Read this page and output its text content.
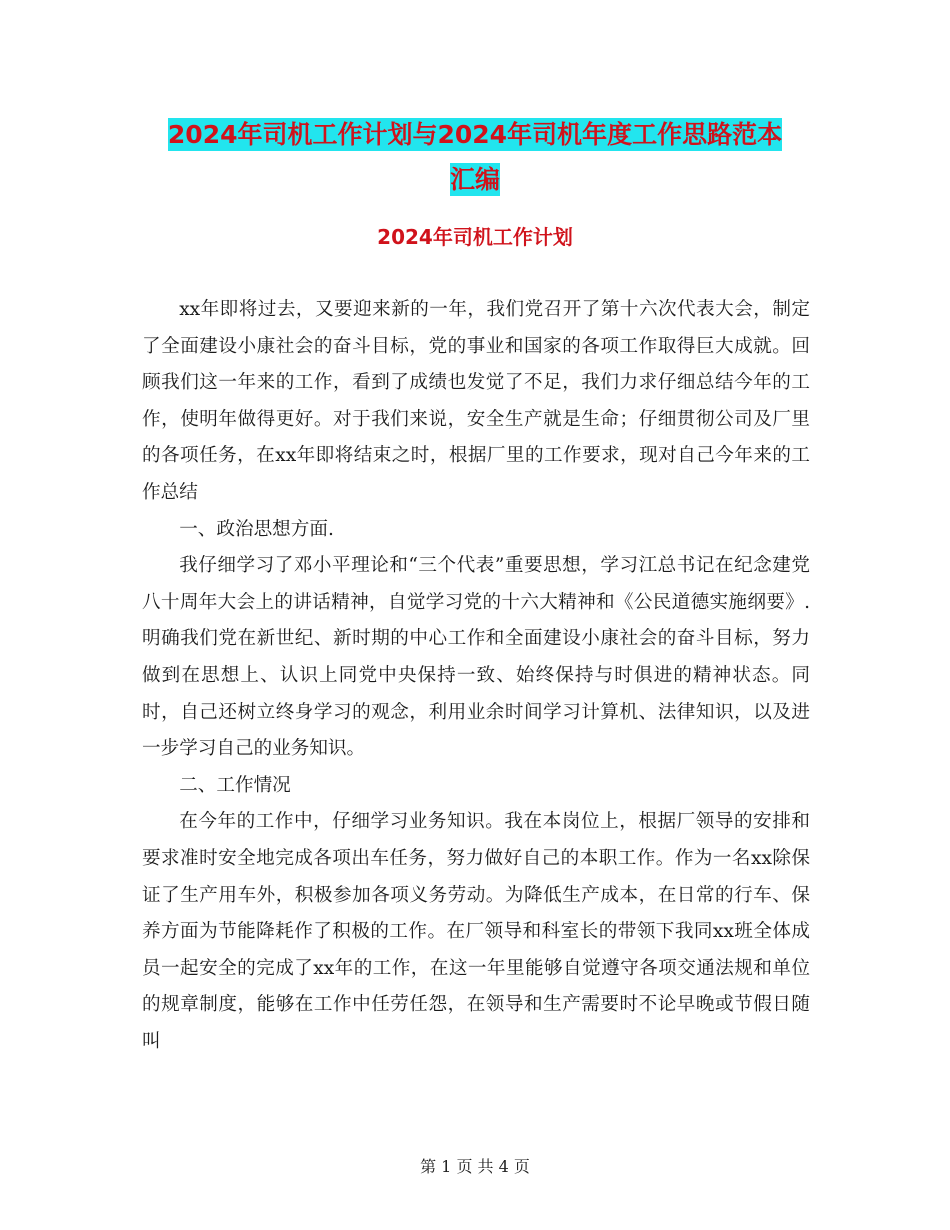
2024年司机工作计划与2024年司机年度工作思路范本
汇编
2024年司机工作计划

xx年即将过去，又要迎来新的一年，我们党召开了第十六次代表大会，制定了全面建设小康社会的奋斗目标，党的事业和国家的各项工作取得巨大成就。回顾我们这一年来的工作，看到了成绩也发觉了不足，我们力求仔细总结今年的工作，使明年做得更好。对于我们来说，安全生产就是生命；仔细贯彻公司及厂里的各项任务，在xx年即将结束之时，根据厂里的工作要求，现对自己今年来的工作总结

一、政治思想方面.

我仔细学习了邓小平理论和“三个代表”重要思想，学习江总书记在纪念建党八十周年大会上的讲话精神，自觉学习党的十六大精神和《公民道德实施纲要》.明确我们党在新世纪、新时期的中心工作和全面建设小康社会的奋斗目标，努力做到在思想上、认识上同党中央保持一致、始终保持与时俱进的精神状态。同时，自己还树立终身学习的观念，利用业余时间学习计算机、法律知识，以及进一步学习自己的业务知识。

二、工作情况

在今年的工作中，仔细学习业务知识。我在本岗位上，根据厂领导的安排和要求准时安全地完成各项出车任务，努力做好自己的本职工作。作为一名xx除保证了生产用车外，积极参加各项义务劳动。为降低生产成本，在日常的行车、保养方面为节能降耗作了积极的工作。在厂领导和科室长的带领下我同xx班全体成员一起安全的完成了xx年的工作，在这一年里能够自觉遵守各项交通法规和单位的规章制度，能够在工作中任劳任怨，在领导和生产需要时不论早晚或节假日随叫

第 1 页 共 4 页
